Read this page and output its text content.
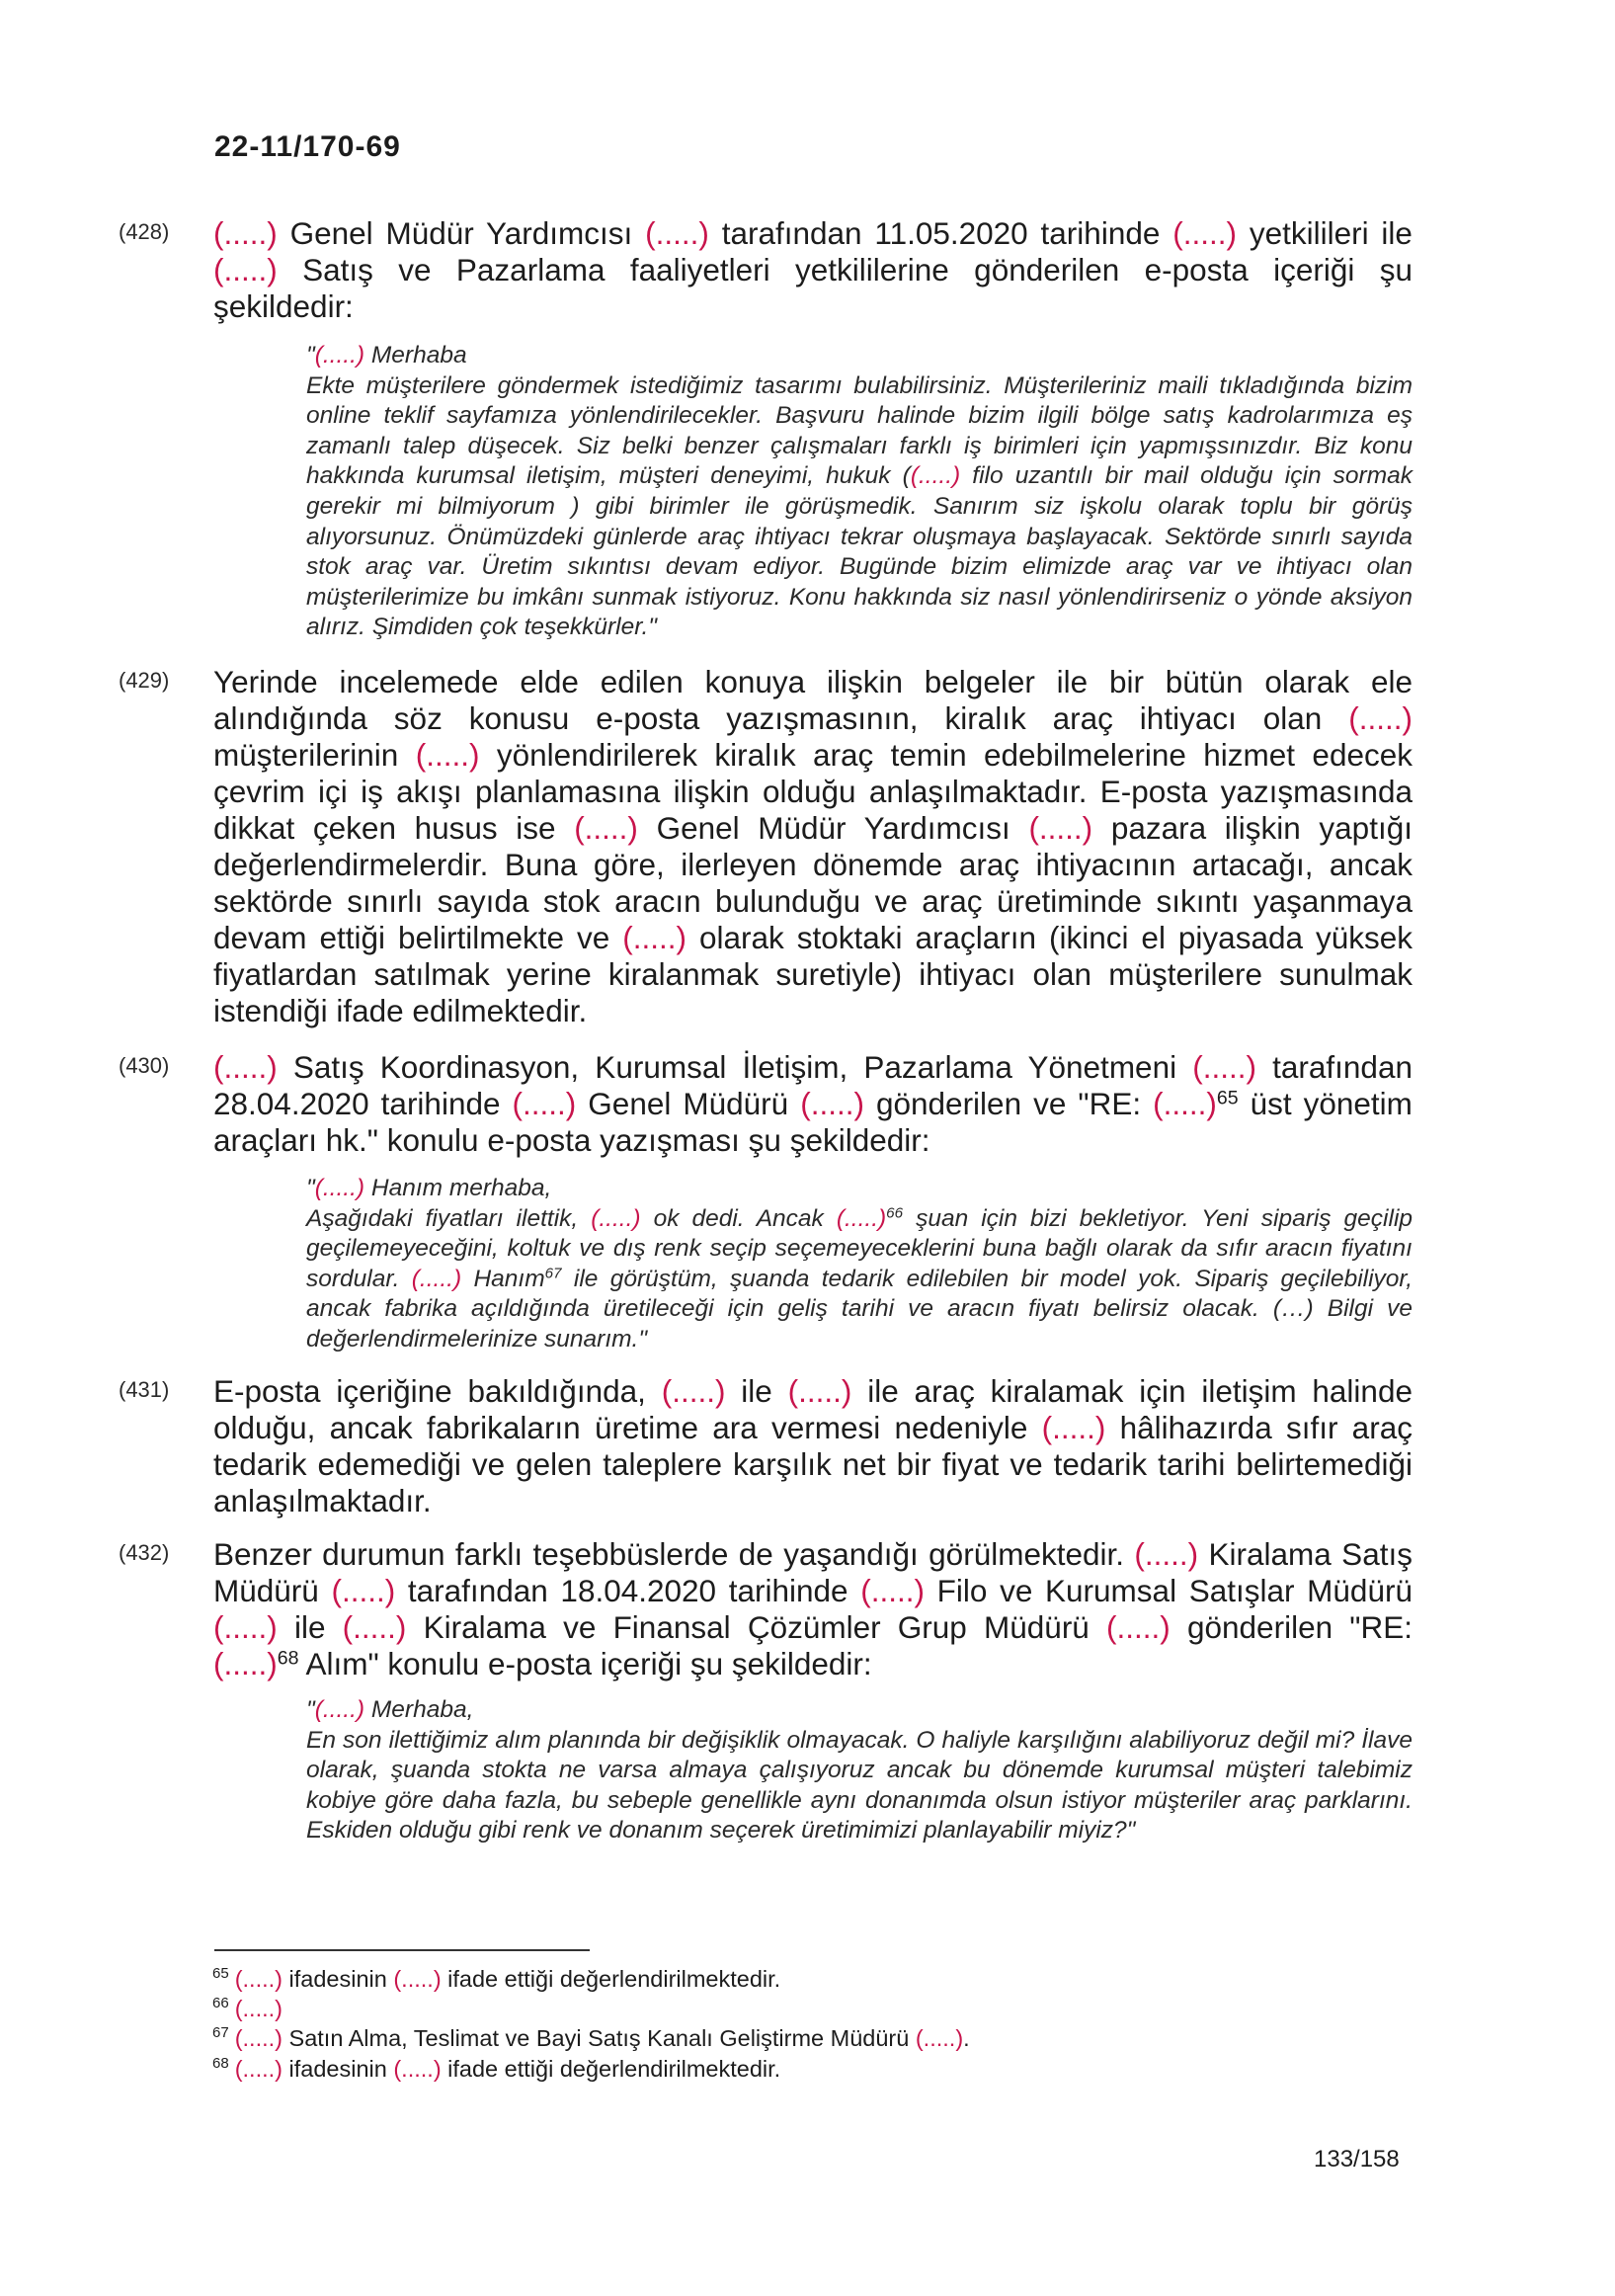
22-11/170-69
(428)	(.....) Genel Müdür Yardımcısı (.....) tarafından 11.05.2020 tarihinde (.....) yetkilileri ile (.....) Satış ve Pazarlama faaliyetleri yetkililerine gönderilen e-posta içeriği şu şekildedir:
"(.....) Merhaba
Ekte müşterilere göndermek istediğimiz tasarımı bulabilirsiniz. Müşterileriniz maili tıkladığında bizim online teklif sayfamıza yönlendirilecekler. Başvuru halinde bizim ilgili bölge satış kadrolarımıza eş zamanlı talep düşecek. Siz belki benzer çalışmaları farklı iş birimleri için yapmışsınızdır. Biz konu hakkında kurumsal iletişim, müşteri deneyimi, hukuk ((.....) filo uzantılı bir mail olduğu için sormak gerekir mi bilmiyorum ) gibi birimler ile görüşmedik. Sanırım siz işkolu olarak toplu bir görüş alıyorsunuz. Önümüzdeki günlerde araç ihtiyacı tekrar oluşmaya başlayacak. Sektörde sınırlı sayıda stok araç var. Üretim sıkıntısı devam ediyor. Bugünde bizim elimizde araç var ve ihtiyacı olan müşterilerimize bu imkânı sunmak istiyoruz. Konu hakkında siz nasıl yönlendirirseniz o yönde aksiyon alırız. Şimdiden çok teşekkürler."
(429)	Yerinde incelemede elde edilen konuya ilişkin belgeler ile bir bütün olarak ele alındığında söz konusu e-posta yazışmasının, kiralık araç ihtiyacı olan (.....) müşterilerinin (.....) yönlendirilerek kiralık araç temin edebilmelerine hizmet edecek çevrim içi iş akışı planlamasına ilişkin olduğu anlaşılmaktadır. E-posta yazışmasında dikkat çeken husus ise (.....) Genel Müdür Yardımcısı (.....) pazara ilişkin yaptığı değerlendirmelerdir. Buna göre, ilerleyen dönemde araç ihtiyacının artacağı, ancak sektörde sınırlı sayıda stok aracın bulunduğu ve araç üretiminde sıkıntı yaşanmaya devam ettiği belirtilmekte ve (.....) olarak stoktaki araçların (ikinci el piyasada yüksek fiyatlardan satılmak yerine kiralanmak suretiyle) ihtiyacı olan müşterilere sunulmak istendiği ifade edilmektedir.
(430)	(.....) Satış Koordinasyon, Kurumsal İletişim, Pazarlama Yönetmeni (.....) tarafından 28.04.2020 tarihinde (.....) Genel Müdürü (.....) gönderilen ve "RE: (.....)$^{65}$ üst yönetim araçları hk." konulu e-posta yazışması şu şekildedir:
"(.....) Hanım merhaba,
Aşağıdaki fiyatları ilettik, (.....) ok dedi. Ancak (.....)$^{66}$ şuan için bizi bekletiyor. Yeni sipariş geçilip geçilemeyeceğini, koltuk ve dış renk seçip seçemeyeceklerini buna bağlı olarak da sıfır aracın fiyatını sordular. (.....) Hanım$^{67}$ ile görüştüm, şuanda tedarik edilebilen bir model yok. Sipariş geçilebiliyor, ancak fabrika açıldığında üretileceği için geliş tarihi ve aracın fiyatı belirsiz olacak. (…) Bilgi ve değerlendirmelerinize sunarım."
(431)	E-posta içeriğine bakıldığında, (.....) ile (.....) ile araç kiralamak için iletişim halinde olduğu, ancak fabrikaların üretime ara vermesi nedeniyle (.....) hâlihazırda sıfır araç tedarik edemediği ve gelen taleplere karşılık net bir fiyat ve tedarik tarihi belirtemediği anlaşılmaktadır.
(432)	Benzer durumun farklı teşebbüslerde de yaşandığı görülmektedir. (.....) Kiralama Satış Müdürü (.....) tarafından 18.04.2020 tarihinde (.....) Filo ve Kurumsal Satışlar Müdürü (.....) ile (.....) Kiralama ve Finansal Çözümler Grup Müdürü (.....) gönderilen "RE: (.....)$^{68}$ Alım" konulu e-posta içeriği şu şekildedir:
"(.....) Merhaba,
En son ilettiğimiz alım planında bir değişiklik olmayacak. O haliyle karşılığını alabiliyoruz değil mi? İlave olarak, şuanda stokta ne varsa almaya çalışıyoruz ancak bu dönemde kurumsal müşteri talebimiz kobiye göre daha fazla, bu sebeple genellikle aynı donanımda olsun istiyor müşteriler araç parklarını. Eskiden olduğu gibi renk ve donanım seçerek üretimimizi planlayabilir miyiz?"
$^{65}$ (.....) ifadesinin (.....) ifade ettiği değerlendirilmektedir.
$^{66}$ (.....)
$^{67}$ (.....) Satın Alma, Teslimat ve Bayi Satış Kanalı Geliştirme Müdürü (.....).
$^{68}$ (.....) ifadesinin (.....) ifade ettiği değerlendirilmektedir.
133/158
